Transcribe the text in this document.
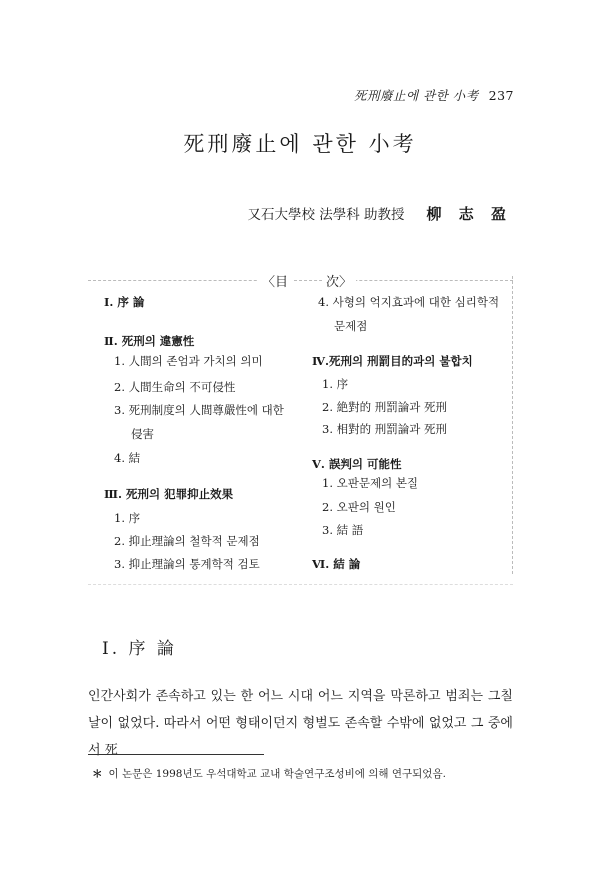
死刑廢止에 관한 小考 237
死刑廢止에 관한 小考
又石大學校 法學科 助教授 柳 志 盈
〈目	次〉
Ⅰ. 序 論
Ⅱ. 死刑의 違憲性
1. 人間의 존엄과 가치의 의미
2. 人間生命의 不可侵性
3. 死刑制度의 人間尊嚴性에 대한
侵害
4. 結
Ⅲ. 死刑의 犯罪抑止效果
1. 序
2. 抑止理論의 철학적 문제점
3. 抑止理論의 통계학적 검토
4. 사형의 억지효과에 대한 심리학적
문제점
Ⅳ.死刑의 刑罰目的과의 불합치
1. 序
2. 絶對的 刑罰論과 死刑
3. 相對的 刑罰論과 死刑
Ⅴ. 誤判의 可能性
1. 오판문제의 본질
2. 오판의 원인
3. 結 語
Ⅵ. 結 論
Ⅰ. 序 論
인간사회가 존속하고 있는 한 어느 시대 어느 지역을 막론하고 범죄는 그칠 날이 없었다. 따라서 어떤 형태이던지 형벌도 존속할 수밖에 없었고 그 중에서 死
＊ 이 논문은 1998년도 우석대학교 교내 학술연구조성비에 의해 연구되었음.
